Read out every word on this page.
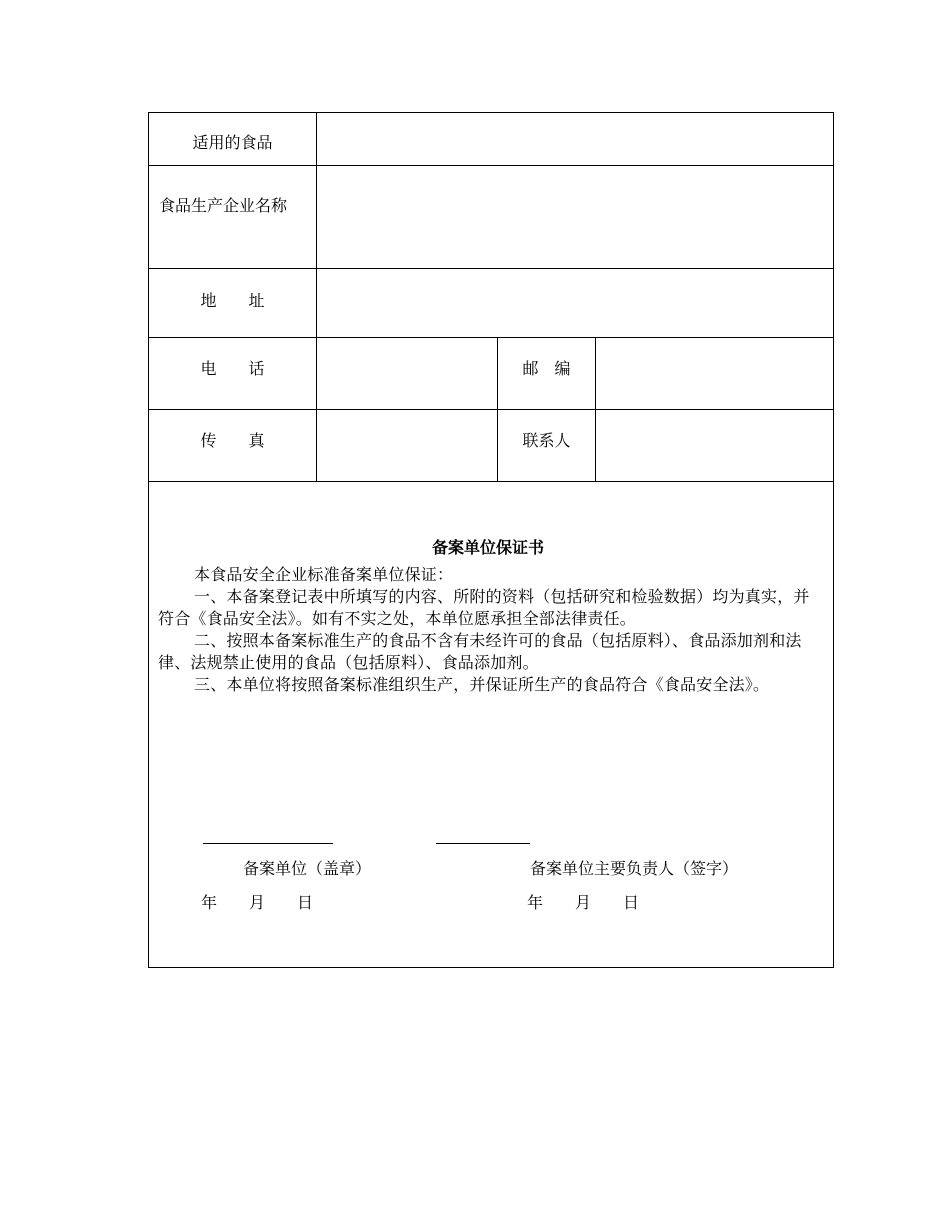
适用的食品
食品生产企业名称
地　　址
电　　话	邮　编
传　　真	联系人
备案单位保证书

本食品安全企业标准备案单位保证：

一、本备案登记表中所填写的内容、所附的资料（包括研究和检验数据）均为真实，并符合《食品安全法》。如有不实之处，本单位愿承担全部法律责任。

二、按照本备案标准生产的食品不含有未经许可的食品（包括原料）、食品添加剂和法律、法规禁止使用的食品（包括原料）、食品添加剂。

三、本单位将按照备案标准组织生产，并保证所生产的食品符合《食品安全法》。

备案单位（盖章）	备案单位主要负责人（签字）
年　　月　　日	年　　月　　日
